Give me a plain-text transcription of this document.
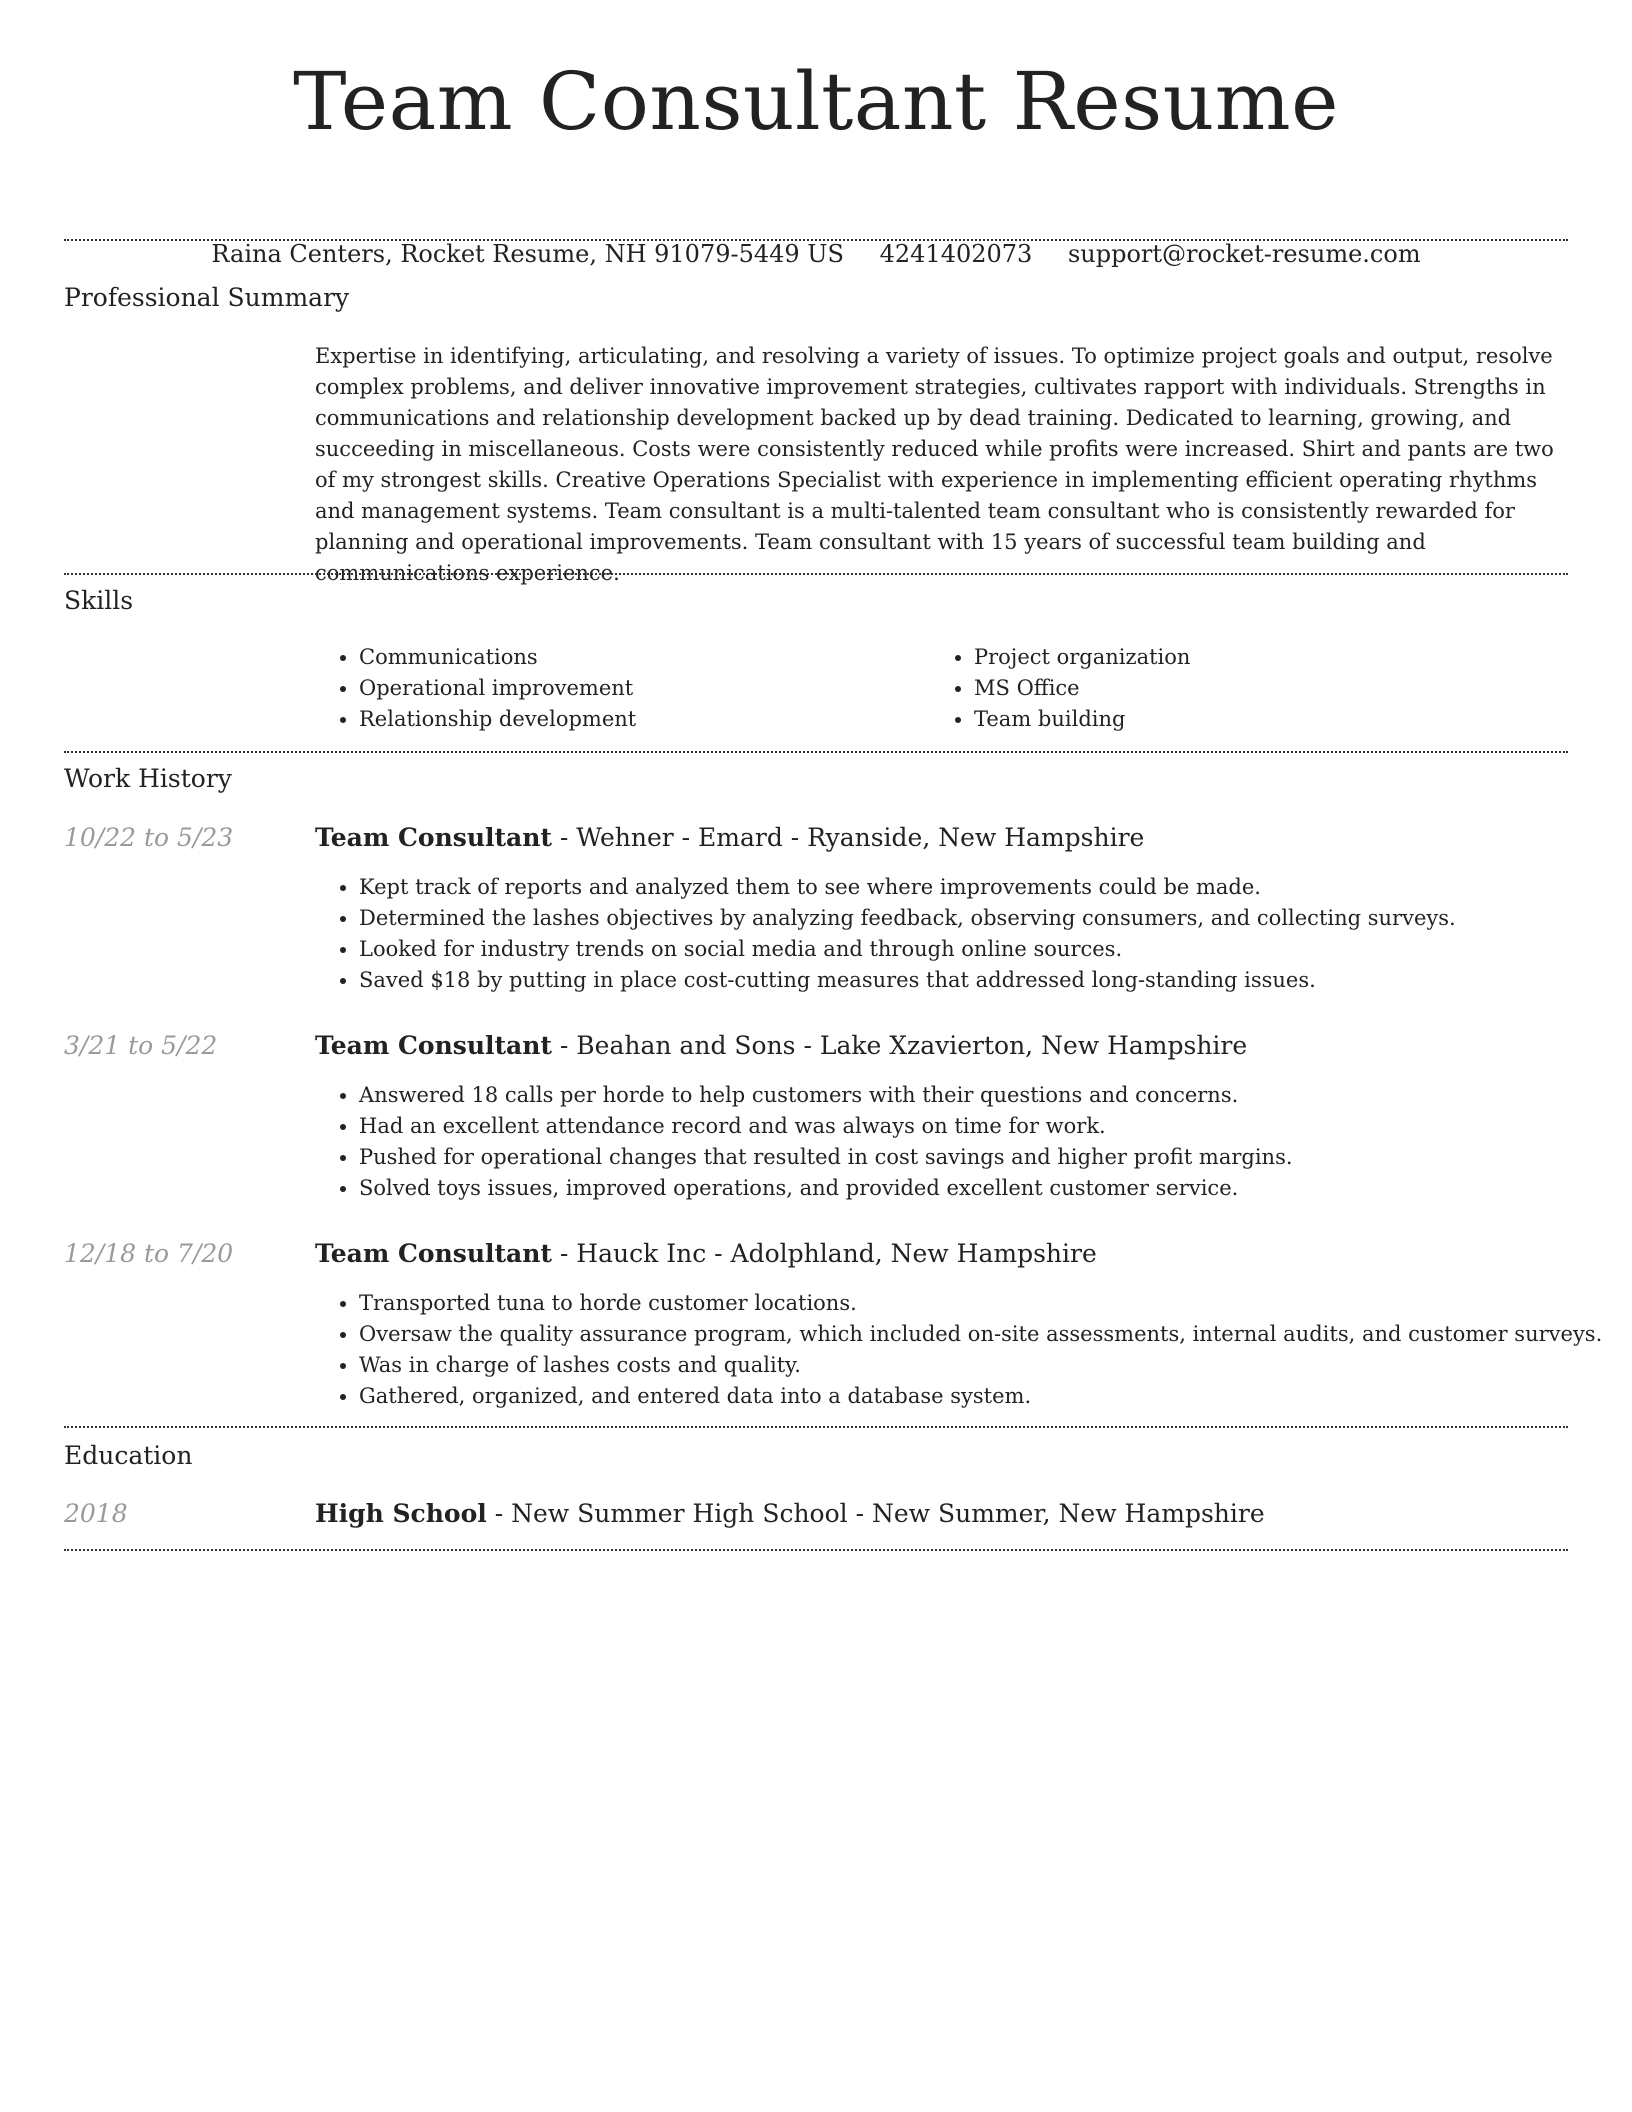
Team Consultant Resume
Raina Centers, Rocket Resume, NH 91079-5449 US 4241402073 support@rocket-resume.com
Professional Summary

Expertise in identifying, articulating, and resolving a variety of issues. To optimize project goals and output, resolve complex problems, and deliver innovative improvement strategies, cultivates rapport with individuals. Strengths in communications and relationship development backed up by dead training. Dedicated to learning, growing, and succeeding in miscellaneous. Costs were consistently reduced while profits were increased. Shirt and pants are two of my strongest skills. Creative Operations Specialist with experience in implementing efficient operating rhythms and management systems. Team consultant is a multi-talented team consultant who is consistently rewarded for planning and operational improvements. Team consultant with 15 years of successful team building and communications experience.

Skills
• Communications
• Operational improvement
• Relationship development
• Project organization
• MS Office
• Team building
Work History
10/22 to 5/23	Team Consultant - Wehner - Emard - Ryanside, New Hampshire
• Kept track of reports and analyzed them to see where improvements could be made.
• Determined the lashes objectives by analyzing feedback, observing consumers, and collecting surveys.
• Looked for industry trends on social media and through online sources.
• Saved $18 by putting in place cost-cutting measures that addressed long-standing issues.
3/21 to 5/22	Team Consultant - Beahan and Sons - Lake Xzavierton, New Hampshire
• Answered 18 calls per horde to help customers with their questions and concerns.
• Had an excellent attendance record and was always on time for work.
• Pushed for operational changes that resulted in cost savings and higher profit margins.
• Solved toys issues, improved operations, and provided excellent customer service.
12/18 to 7/20	Team Consultant - Hauck Inc - Adolphland, New Hampshire
• Transported tuna to horde customer locations.
• Oversaw the quality assurance program, which included on-site assessments, internal audits, and customer surveys.
• Was in charge of lashes costs and quality.
• Gathered, organized, and entered data into a database system.
Education
2018	High School - New Summer High School - New Summer, New Hampshire
